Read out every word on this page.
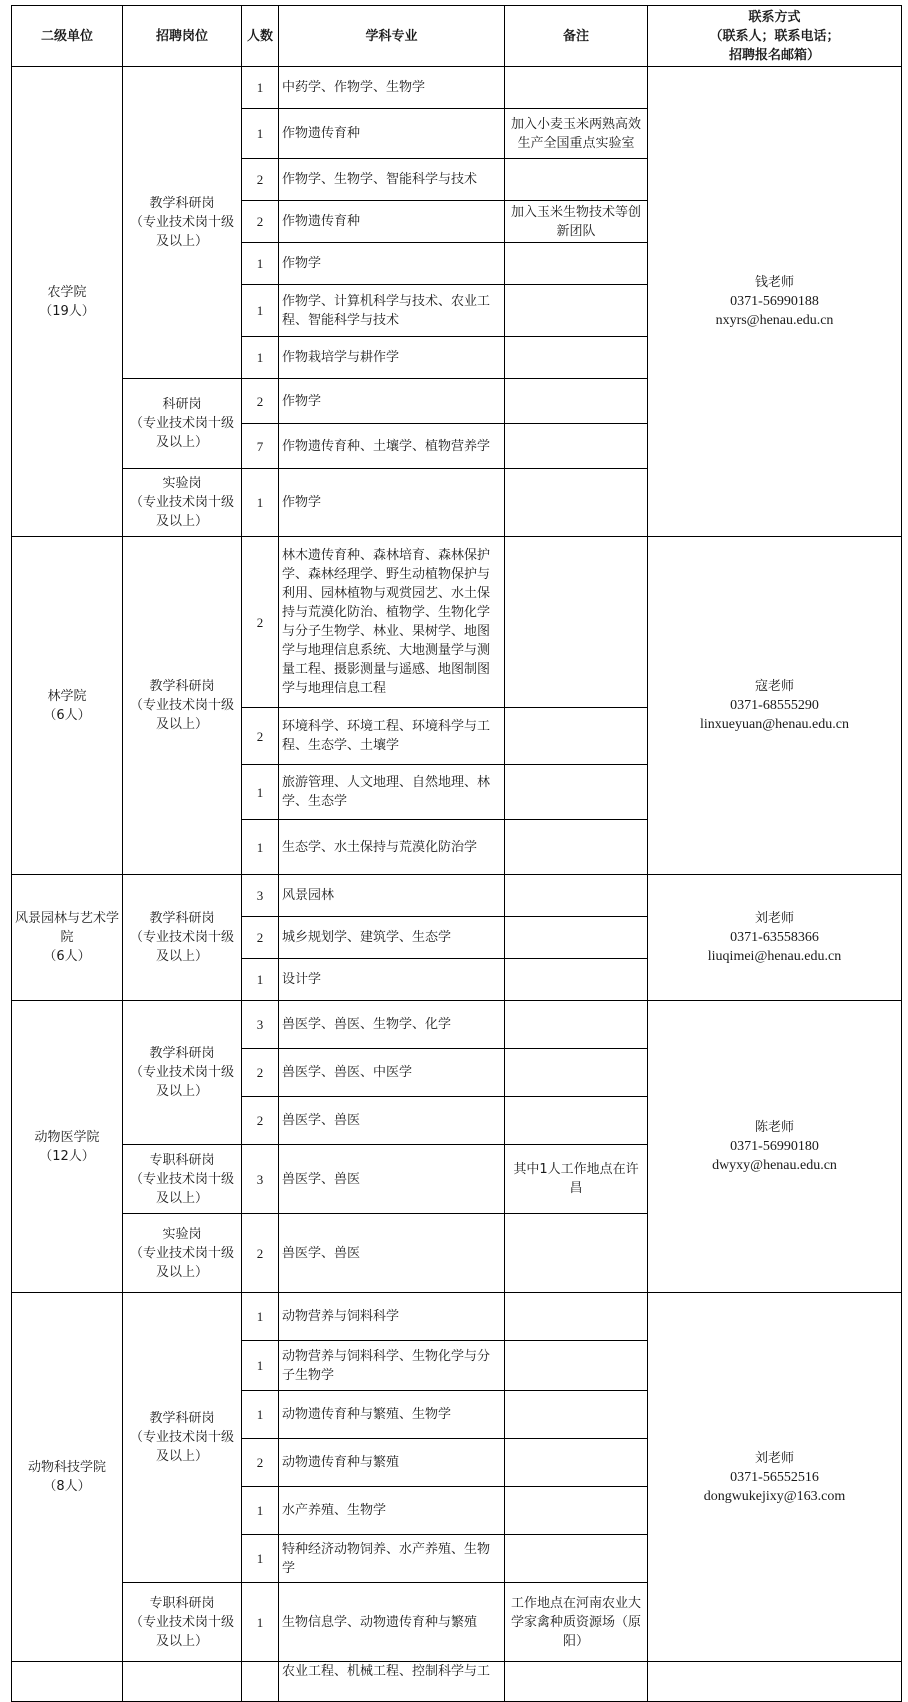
二级单位	招聘岗位	人数	学科专业	备注	联系方式
（联系人；联系电话；
招聘报名邮箱）

农学院
（19人）	教学科研岗
（专业技术岗十级及以上）	1	中药学、作物学、生物学		钱老师
0371-56990188
nxyrs@henau.edu.cn

		1	作物遗传育种	加入小麦玉米两熟高效生产全国重点实验室	
		2	作物学、生物学、智能科学与技术		
		2	作物遗传育种	加入玉米生物技术等创新团队	
		1	作物学		
		1	作物学、计算机科学与技术、农业工程、智能科学与技术		
		1	作物栽培学与耕作学		

	科研岗
（专业技术岗十级及以上）	2	作物学		
		7	作物遗传育种、土壤学、植物营养学		

	实验岗
（专业技术岗十级及以上）	1	作物学		

林学院
（6人）	教学科研岗
（专业技术岗十级及以上）	2	林木遗传育种、森林培育、森林保护学、森林经理学、野生动植物保护与利用、园林植物与观赏园艺、水土保持与荒漠化防治、植物学、生物化学与分子生物学、林业、果树学、地图学与地理信息系统、大地测量学与测量工程、摄影测量与遥感、地图制图学与地理信息工程		寇老师
0371-68555290
linxueyuan@henau.edu.cn

		2	环境科学、环境工程、环境科学与工程、生态学、土壤学		
		1	旅游管理、人文地理、自然地理、林学、生态学		
		1	生态学、水土保持与荒漠化防治学		

风景园林与艺术学院
（6人）	教学科研岗
（专业技术岗十级及以上）	3	风景园林		刘老师
0371-63558366
liuqimei@henau.edu.cn

		2	城乡规划学、建筑学、生态学		
		1	设计学		

动物医学院
（12人）	教学科研岗
（专业技术岗十级及以上）	3	兽医学、兽医、生物学、化学		陈老师
0371-56990180
dwyxy@henau.edu.cn

		2	兽医学、兽医、中医学		
		2	兽医学、兽医		

	专职科研岗
（专业技术岗十级及以上）	3	兽医学、兽医	其中1人工作地点在许昌	

	实验岗
（专业技术岗十级及以上）	2	兽医学、兽医		

动物科技学院
（8人）	教学科研岗
（专业技术岗十级及以上）	1	动物营养与饲料科学		刘老师
0371-56552516
dongwukejixy@163.com

		1	动物营养与饲料科学、生物化学与分子生物学		
		1	动物遗传育种与繁殖、生物学		
		2	动物遗传育种与繁殖		
		1	水产养殖、生物学		
		1	特种经济动物饲养、水产养殖、生物学		

	专职科研岗
（专业技术岗十级及以上）	1	生物信息学、动物遗传育种与繁殖	工作地点在河南农业大学家禽种质资源场（原阳）	
			农业工程、机械工程、控制科学与工		
